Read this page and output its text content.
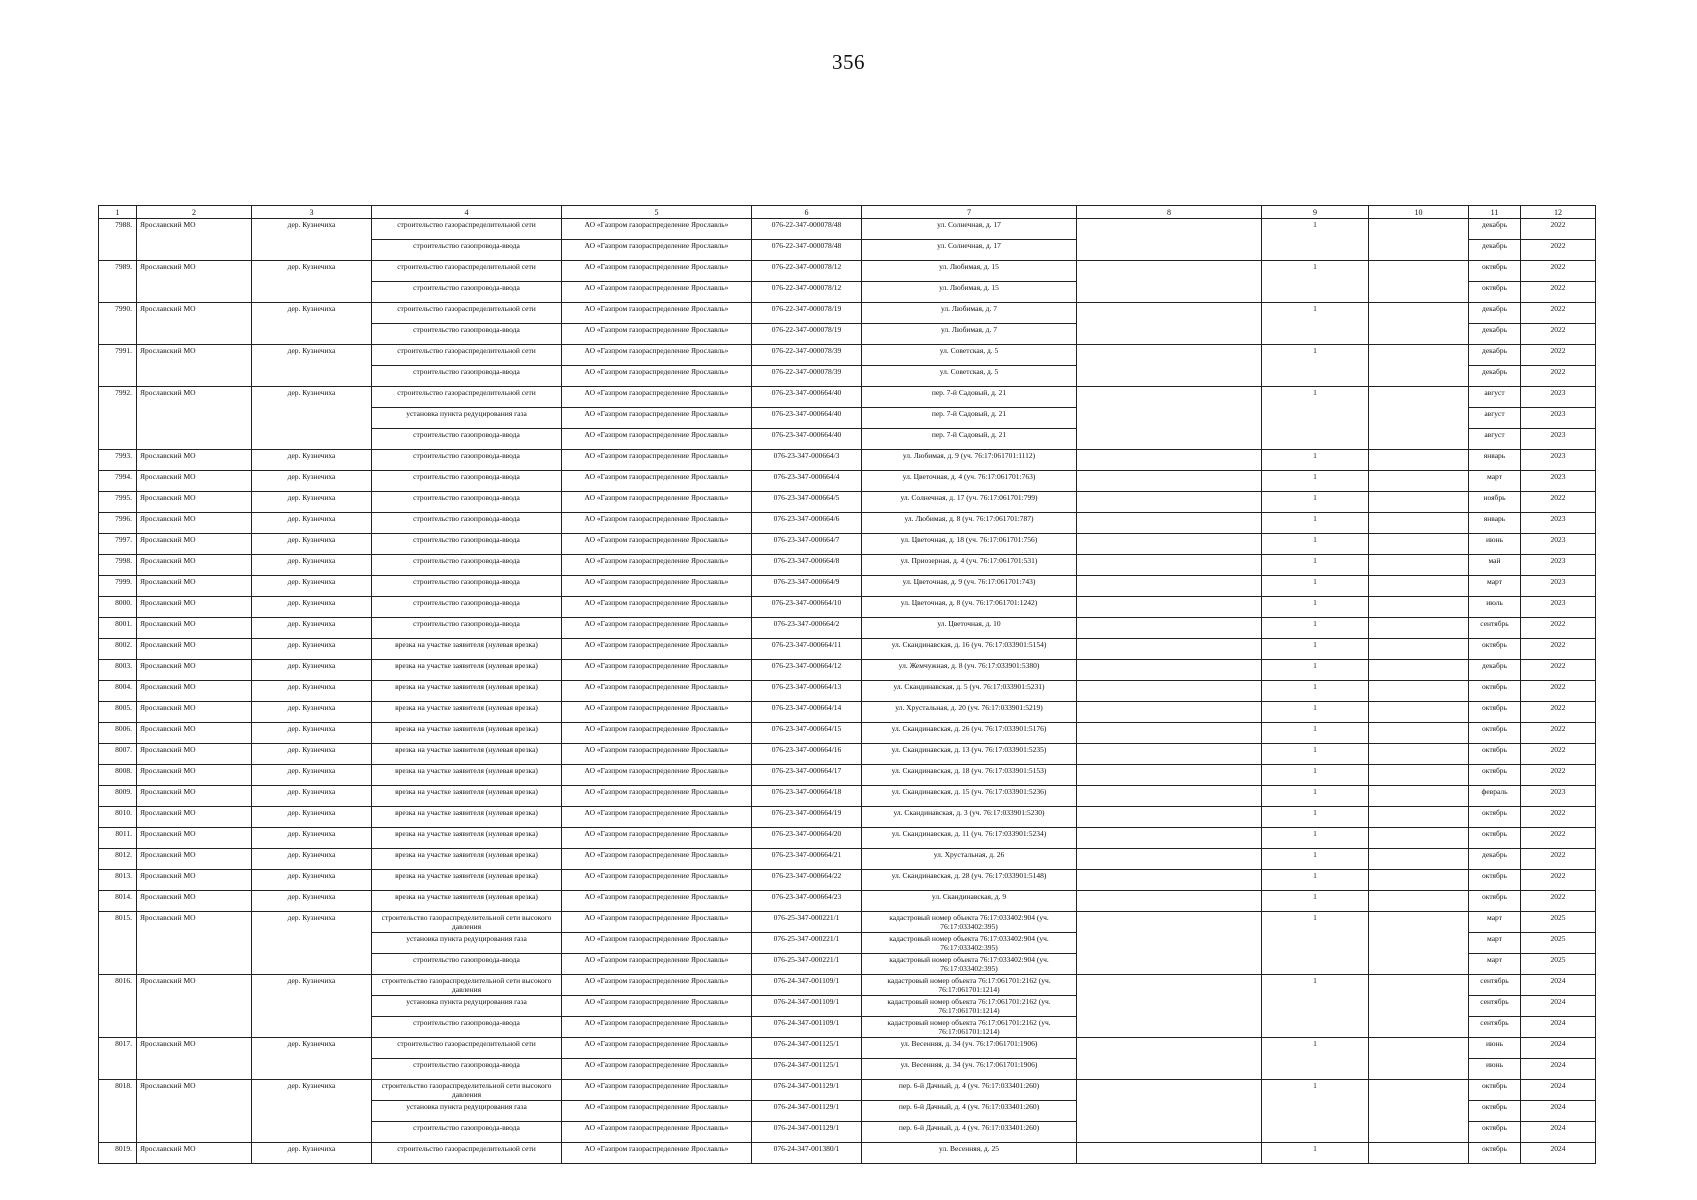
356
1	2	3	4	5	6	7	8	9	10	11	12
7988.	Ярославский МО	дер. Кузнечиха	строительство газораспределительной сети	АО «Газпром газораспределение Ярославль»	076-22-347-000078/48	ул. Солнечная, д. 17		1		декабрь	2022
			строительство газопровода-ввода	АО «Газпром газораспределение Ярославль»	076-22-347-000078/48	ул. Солнечная, д. 17				декабрь	2022
7989.	Ярославский МО	дер. Кузнечиха	строительство газораспределительной сети	АО «Газпром газораспределение Ярославль»	076-22-347-000078/12	ул. Любимая, д. 15		1		октябрь	2022
			строительство газопровода-ввода	АО «Газпром газораспределение Ярославль»	076-22-347-000078/12	ул. Любимая, д. 15				октябрь	2022
7990.	Ярославский МО	дер. Кузнечиха	строительство газораспределительной сети	АО «Газпром газораспределение Ярославль»	076-22-347-000078/19	ул. Любимая, д. 7		1		декабрь	2022
			строительство газопровода-ввода	АО «Газпром газораспределение Ярославль»	076-22-347-000078/19	ул. Любимая, д. 7				декабрь	2022
7991.	Ярославский МО	дер. Кузнечиха	строительство газораспределительной сети	АО «Газпром газораспределение Ярославль»	076-22-347-000078/39	ул. Советская, д. 5		1		декабрь	2022
			строительство газопровода-ввода	АО «Газпром газораспределение Ярославль»	076-22-347-000078/39	ул. Советская, д. 5				декабрь	2022
7992.	Ярославский МО	дер. Кузнечиха	строительство газораспределительной сети	АО «Газпром газораспределение Ярославль»	076-23-347-000664/40	пер. 7-й Садовый, д. 21		1		август	2023
			установка пункта редуцирования газа	АО «Газпром газораспределение Ярославль»	076-23-347-000664/40	пер. 7-й Садовый, д. 21				август	2023
			строительство газопровода-ввода	АО «Газпром газораспределение Ярославль»	076-23-347-000664/40	пер. 7-й Садовый, д. 21				август	2023
7993.	Ярославский МО	дер. Кузнечиха	строительство газопровода-ввода	АО «Газпром газораспределение Ярославль»	076-23-347-000664/3	ул. Любимая, д. 9 (уч. 76:17:061701:1112)		1		январь	2023
7994.	Ярославский МО	дер. Кузнечиха	строительство газопровода-ввода	АО «Газпром газораспределение Ярославль»	076-23-347-000664/4	ул. Цветочная, д. 4 (уч. 76:17:061701:763)		1		март	2023
7995.	Ярославский МО	дер. Кузнечиха	строительство газопровода-ввода	АО «Газпром газораспределение Ярославль»	076-23-347-000664/5	ул. Солнечная, д. 17 (уч. 76:17:061701:799)		1		ноябрь	2022
7996.	Ярославский МО	дер. Кузнечиха	строительство газопровода-ввода	АО «Газпром газораспределение Ярославль»	076-23-347-000664/6	ул. Любимая, д. 8 (уч. 76:17:061701:787)		1		январь	2023
7997.	Ярославский МО	дер. Кузнечиха	строительство газопровода-ввода	АО «Газпром газораспределение Ярославль»	076-23-347-000664/7	ул. Цветочная, д. 18 (уч. 76:17:061701:756)		1		июнь	2023
7998.	Ярославский МО	дер. Кузнечиха	строительство газопровода-ввода	АО «Газпром газораспределение Ярославль»	076-23-347-000664/8	ул. Приозерная, д. 4 (уч. 76:17:061701:531)		1		май	2023
7999.	Ярославский МО	дер. Кузнечиха	строительство газопровода-ввода	АО «Газпром газораспределение Ярославль»	076-23-347-000664/9	ул. Цветочная, д. 9 (уч. 76:17:061701:743)		1		март	2023
8000.	Ярославский МО	дер. Кузнечиха	строительство газопровода-ввода	АО «Газпром газораспределение Ярославль»	076-23-347-000664/10	ул. Цветочная, д. 8 (уч. 76:17:061701:1242)		1		июль	2023
8001.	Ярославский МО	дер. Кузнечиха	строительство газопровода-ввода	АО «Газпром газораспределение Ярославль»	076-23-347-000664/2	ул. Цветочная, д. 10		1		сентябрь	2022
8002.	Ярославский МО	дер. Кузнечиха	врезка на участке заявителя (нулевая врезка)	АО «Газпром газораспределение Ярославль»	076-23-347-000664/11	ул. Скандинавская, д. 16 (уч. 76:17:033901:5154)		1		октябрь	2022
8003.	Ярославский МО	дер. Кузнечиха	врезка на участке заявителя (нулевая врезка)	АО «Газпром газораспределение Ярославль»	076-23-347-000664/12	ул. Жемчужная, д. 8 (уч. 76:17:033901:5380)		1		декабрь	2022
8004.	Ярославский МО	дер. Кузнечиха	врезка на участке заявителя (нулевая врезка)	АО «Газпром газораспределение Ярославль»	076-23-347-000664/13	ул. Скандинавская, д. 5 (уч. 76:17:033901:5231)		1		октябрь	2022
8005.	Ярославский МО	дер. Кузнечиха	врезка на участке заявителя (нулевая врезка)	АО «Газпром газораспределение Ярославль»	076-23-347-000664/14	ул. Хрустальная, д. 20 (уч. 76:17:033901:5219)		1		октябрь	2022
8006.	Ярославский МО	дер. Кузнечиха	врезка на участке заявителя (нулевая врезка)	АО «Газпром газораспределение Ярославль»	076-23-347-000664/15	ул. Скандинавская, д. 26 (уч. 76:17:033901:5176)		1		октябрь	2022
8007.	Ярославский МО	дер. Кузнечиха	врезка на участке заявителя (нулевая врезка)	АО «Газпром газораспределение Ярославль»	076-23-347-000664/16	ул. Скандинавская, д. 13 (уч. 76:17:033901:5235)		1		октябрь	2022
8008.	Ярославский МО	дер. Кузнечиха	врезка на участке заявителя (нулевая врезка)	АО «Газпром газораспределение Ярославль»	076-23-347-000664/17	ул. Скандинавская, д. 18 (уч. 76:17:033901:5153)		1		октябрь	2022
8009.	Ярославский МО	дер. Кузнечиха	врезка на участке заявителя (нулевая врезка)	АО «Газпром газораспределение Ярославль»	076-23-347-000664/18	ул. Скандинавская, д. 15 (уч. 76:17:033901:5236)		1		февраль	2023
8010.	Ярославский МО	дер. Кузнечиха	врезка на участке заявителя (нулевая врезка)	АО «Газпром газораспределение Ярославль»	076-23-347-000664/19	ул. Скандинавская, д. 3 (уч. 76:17:033901:5230)		1		октябрь	2022
8011.	Ярославский МО	дер. Кузнечиха	врезка на участке заявителя (нулевая врезка)	АО «Газпром газораспределение Ярославль»	076-23-347-000664/20	ул. Скандинавская, д. 11 (уч. 76:17:033901:5234)		1		октябрь	2022
8012.	Ярославский МО	дер. Кузнечиха	врезка на участке заявителя (нулевая врезка)	АО «Газпром газораспределение Ярославль»	076-23-347-000664/21	ул. Хрустальная, д. 26		1		декабрь	2022
8013.	Ярославский МО	дер. Кузнечиха	врезка на участке заявителя (нулевая врезка)	АО «Газпром газораспределение Ярославль»	076-23-347-000664/22	ул. Скандинавская, д. 28 (уч. 76:17:033901:5148)		1		октябрь	2022
8014.	Ярославский МО	дер. Кузнечиха	врезка на участке заявителя (нулевая врезка)	АО «Газпром газораспределение Ярославль»	076-23-347-000664/23	ул. Скандинавская, д. 9		1		октябрь	2022
8015.	Ярославский МО	дер. Кузнечиха	строительство газораспределительной сети высокого давления	АО «Газпром газораспределение Ярославль»	076-25-347-000221/1	кадастровый номер объекта 76:17:033402:904 (уч. 76:17:033402:395)		1		март	2025
			установка пункта редуцирования газа	АО «Газпром газораспределение Ярославль»	076-25-347-000221/1	кадастровый номер объекта 76:17:033402:904 (уч. 76:17:033402:395)				март	2025
			строительство газопровода-ввода	АО «Газпром газораспределение Ярославль»	076-25-347-000221/1	кадастровый номер объекта 76:17:033402:904 (уч. 76:17:033402:395)				март	2025
8016.	Ярославский МО	дер. Кузнечиха	строительство газораспределительной сети высокого давления	АО «Газпром газораспределение Ярославль»	076-24-347-001109/1	кадастровый номер объекта 76:17:061701:2162 (уч. 76:17:061701:1214)		1		сентябрь	2024
			установка пункта редуцирования газа	АО «Газпром газораспределение Ярославль»	076-24-347-001109/1	кадастровый номер объекта 76:17:061701:2162 (уч. 76:17:061701:1214)				сентябрь	2024
			строительство газопровода-ввода	АО «Газпром газораспределение Ярославль»	076-24-347-001109/1	кадастровый номер объекта 76:17:061701:2162 (уч. 76:17:061701:1214)				сентябрь	2024
8017.	Ярославский МО	дер. Кузнечиха	строительство газораспределительной сети	АО «Газпром газораспределение Ярославль»	076-24-347-001125/1	ул. Весенняя, д. 34 (уч. 76:17:061701:1906)		1		июнь	2024
			строительство газопровода-ввода	АО «Газпром газораспределение Ярославль»	076-24-347-001125/1	ул. Весенняя, д. 34 (уч. 76:17:061701:1906)				июнь	2024
8018.	Ярославский МО	дер. Кузнечиха	строительство газораспределительной сети высокого давления	АО «Газпром газораспределение Ярославль»	076-24-347-001129/1	пер. 6-й Дачный, д. 4 (уч. 76:17:033401:260)		1		октябрь	2024
			установка пункта редуцирования газа	АО «Газпром газораспределение Ярославль»	076-24-347-001129/1	пер. 6-й Дачный, д. 4 (уч. 76:17:033401:260)				октябрь	2024
			строительство газопровода-ввода	АО «Газпром газораспределение Ярославль»	076-24-347-001129/1	пер. 6-й Дачный, д. 4 (уч. 76:17:033401:260)				октябрь	2024
8019.	Ярославский МО	дер. Кузнечиха	строительство газораспределительной сети	АО «Газпром газораспределение Ярославль»	076-24-347-001380/1	ул. Весенняя, д. 25		1		октябрь	2024
